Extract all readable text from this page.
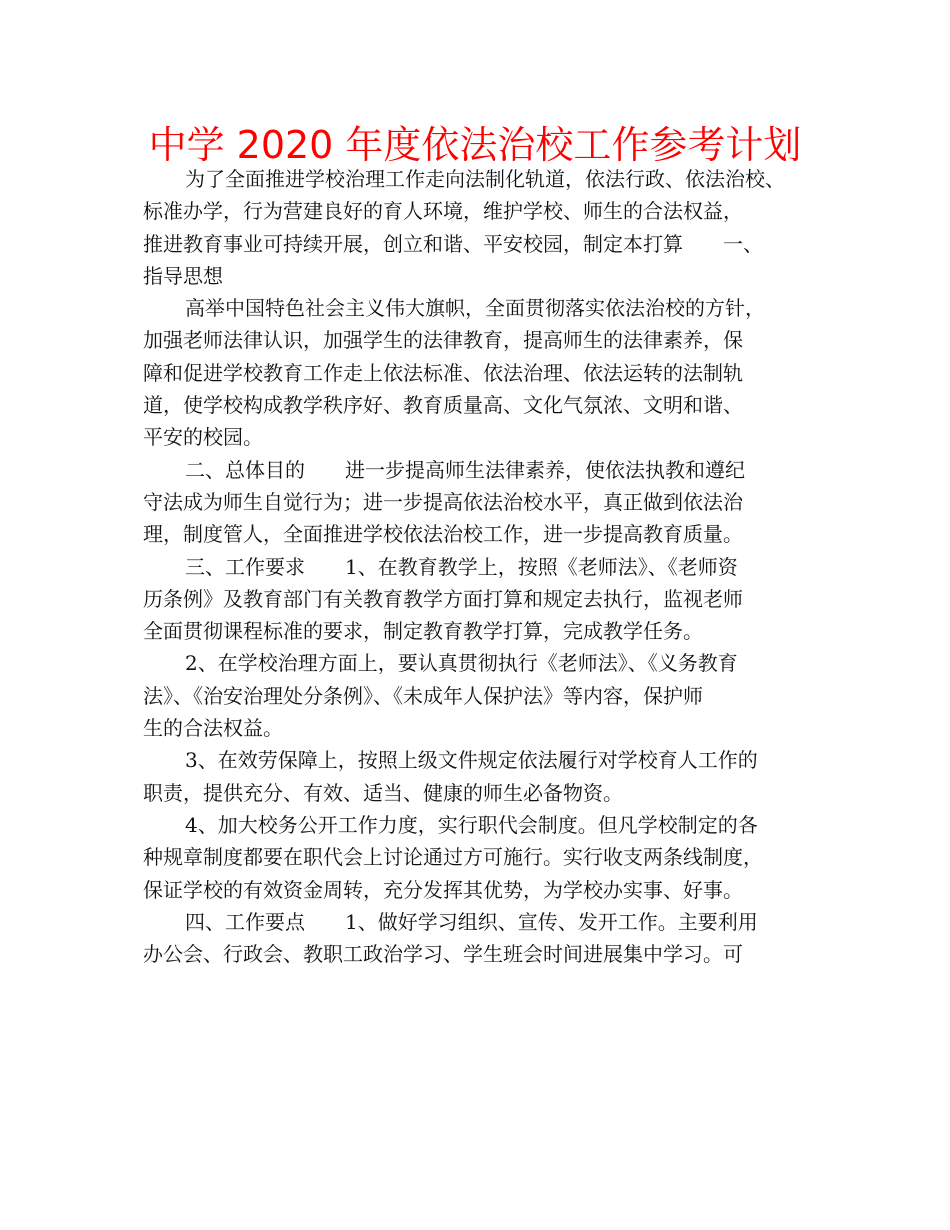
中学 2020 年度依法治校工作参考计划

为了全面推进学校治理工作走向法制化轨道，依法行政、依法治校、
标准办学，行为营建良好的育人环境，维护学校、师生的合法权益，
推进教育事业可持续开展，创立和谐、平安校园，制定本打算　　一、
指导思想

高举中国特色社会主义伟大旗帜，全面贯彻落实依法治校的方针，
加强老师法律认识，加强学生的法律教育，提高师生的法律素养，保
障和促进学校教育工作走上依法标准、依法治理、依法运转的法制轨
道，使学校构成教学秩序好、教育质量高、文化气氛浓、文明和谐、
平安的校园。

二、总体目的　　进一步提高师生法律素养，使依法执教和遵纪
守法成为师生自觉行为；进一步提高依法治校水平，真正做到依法治
理，制度管人，全面推进学校依法治校工作，进一步提高教育质量。

三、工作要求　　1、在教育教学上，按照《老师法》、《老师资
历条例》及教育部门有关教育教学方面打算和规定去执行，监视老师
全面贯彻课程标准的要求，制定教育教学打算，完成教学任务。

2、在学校治理方面上，要认真贯彻执行《老师法》、《义务教育
法》、《治安治理处分条例》、《未成年人保护法》等内容，保护师
生的合法权益。

3、在效劳保障上，按照上级文件规定依法履行对学校育人工作的
职责，提供充分、有效、适当、健康的师生必备物资。

4、加大校务公开工作力度，实行职代会制度。但凡学校制定的各
种规章制度都要在职代会上讨论通过方可施行。实行收支两条线制度，
保证学校的有效资金周转，充分发挥其优势，为学校办实事、好事。

四、工作要点　　1、做好学习组织、宣传、发开工作。主要利用
办公会、行政会、教职工政治学习、学生班会时间进展集中学习。可
